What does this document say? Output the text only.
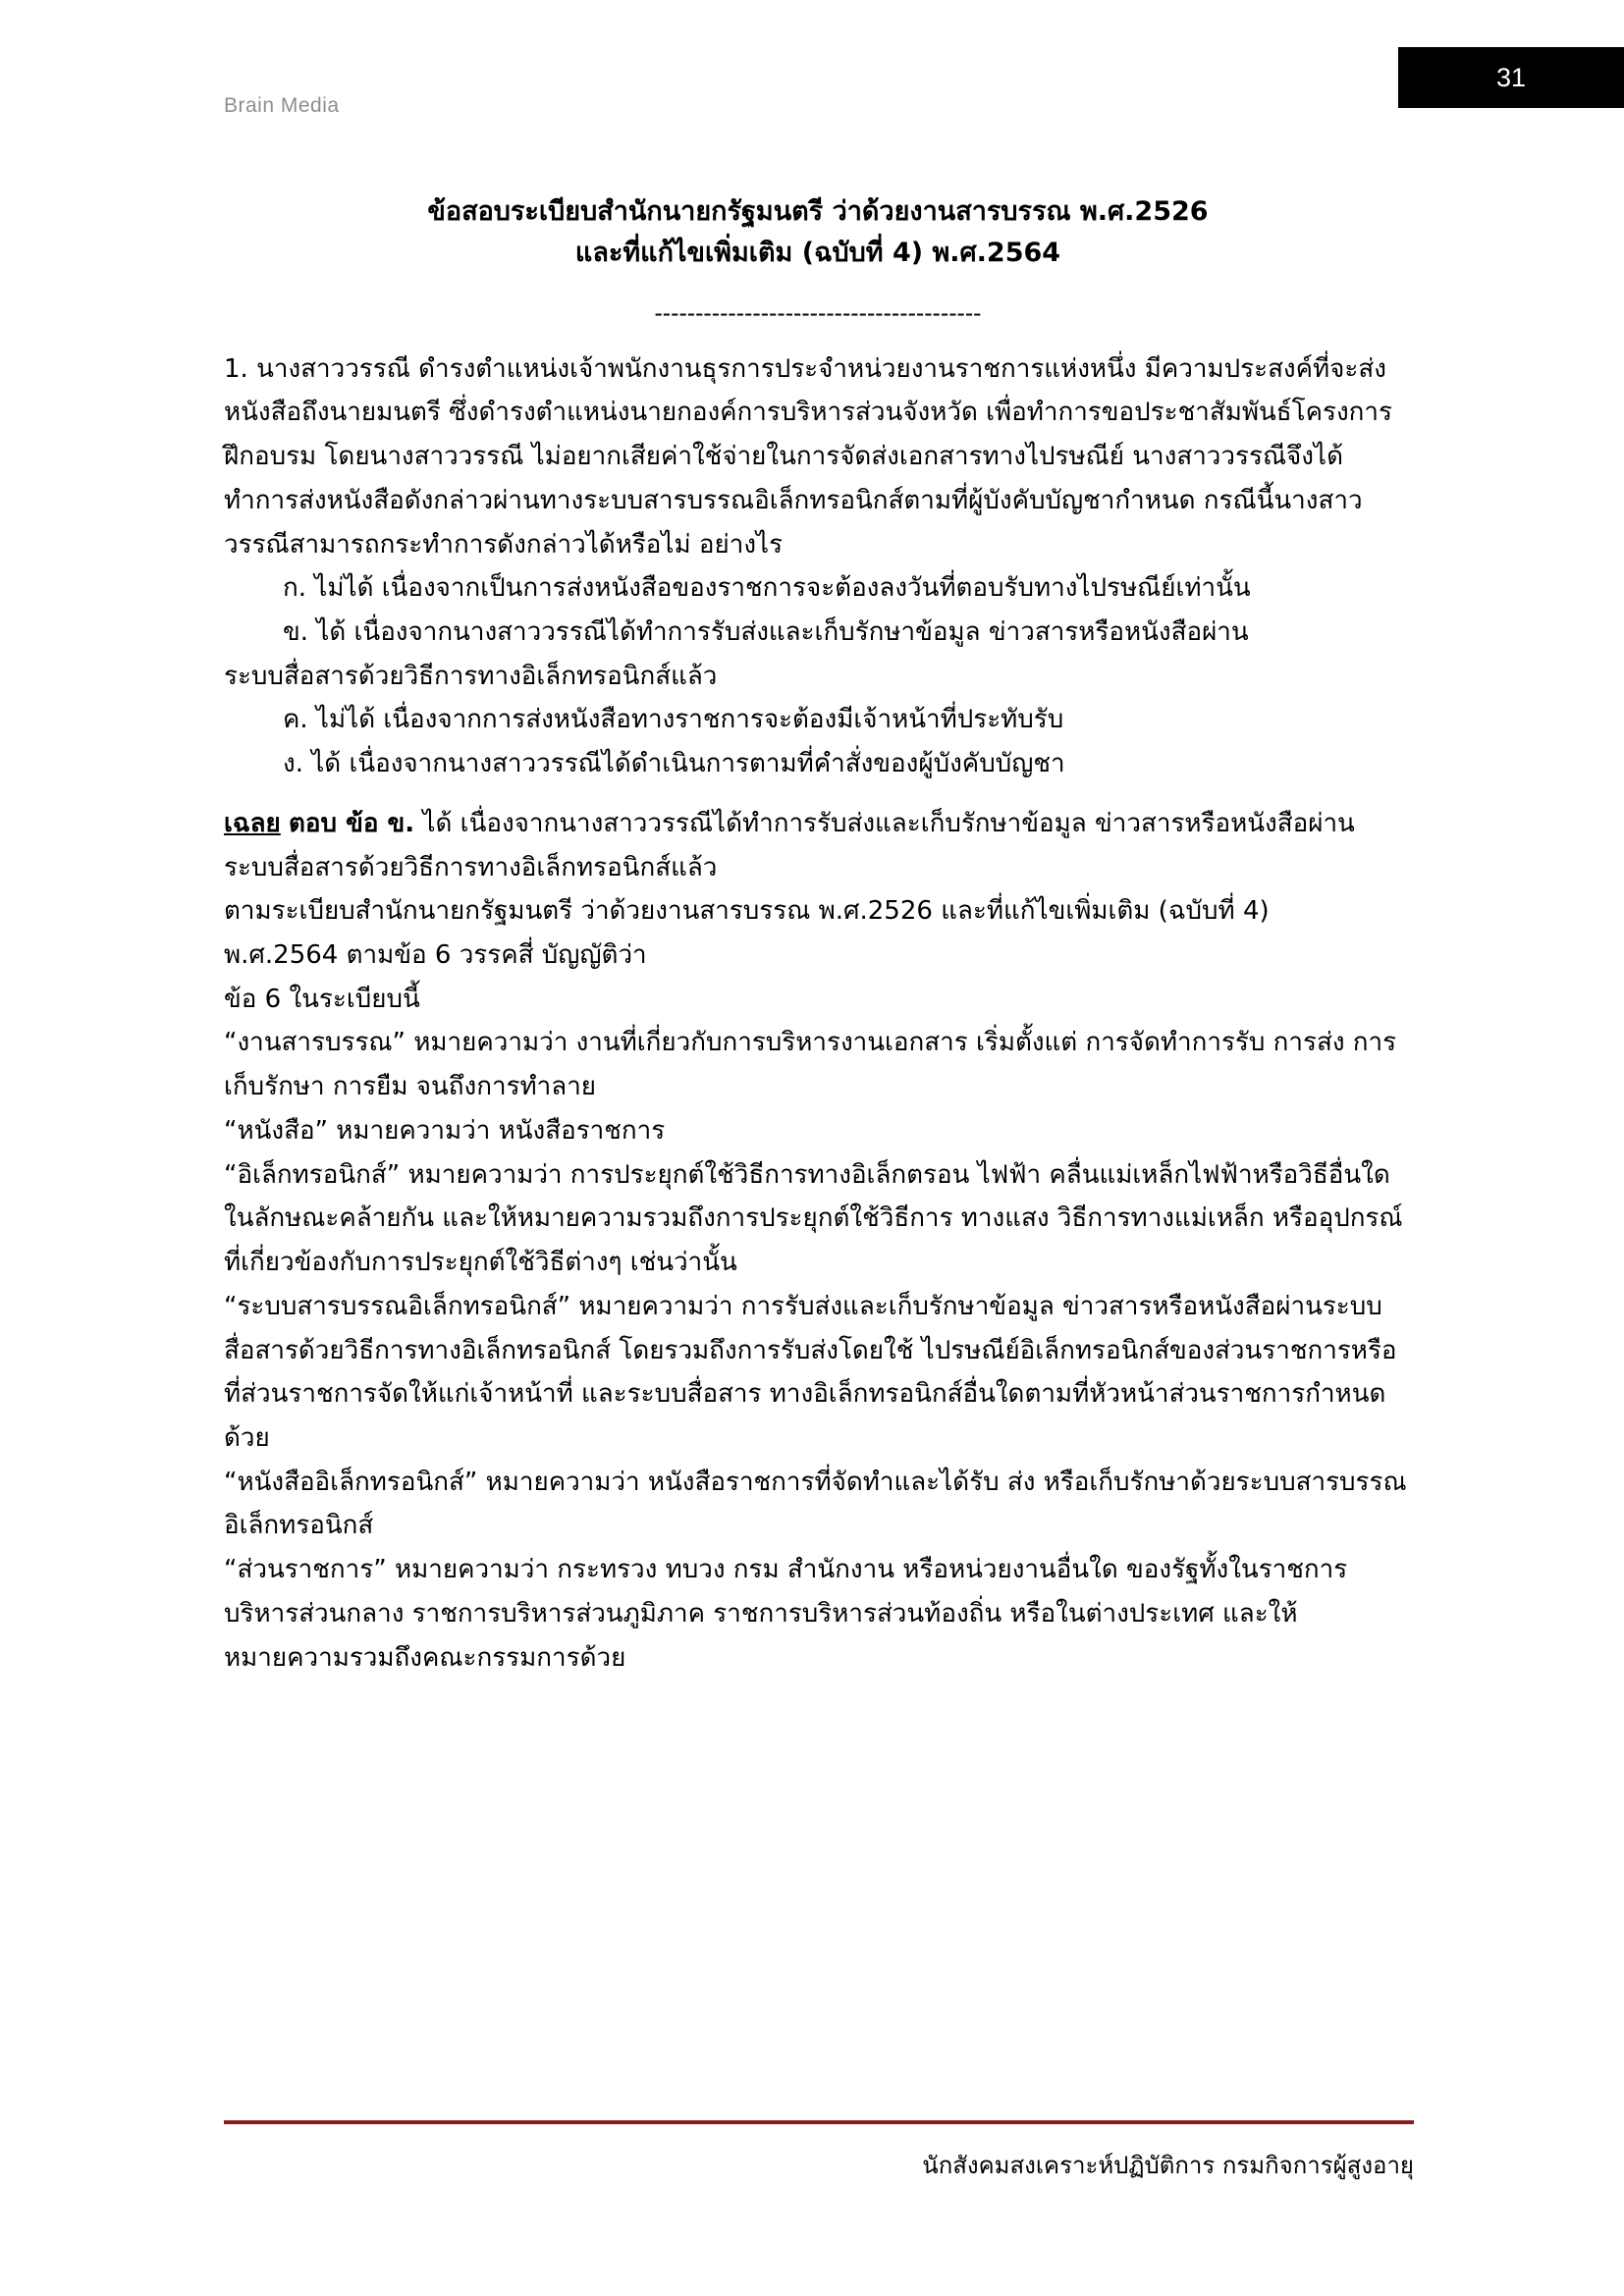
Brain Media
31
ข้อสอบระเบียบสำนักนายกรัฐมนตรี ว่าด้วยงานสารบรรณ พ.ศ.2526
และที่แก้ไขเพิ่มเติม (ฉบับที่ 4) พ.ศ.2564
----------------------------------------

1. นางสาววรรณี ดำรงตำแหน่งเจ้าพนักงานธุรการประจำหน่วยงานราชการแห่งหนึ่ง มีความประสงค์ที่จะส่งหนังสือถึงนายมนตรี ซึ่งดำรงตำแหน่งนายกองค์การบริหารส่วนจังหวัด เพื่อทำการขอประชาสัมพันธ์โครงการฝึกอบรม โดยนางสาววรรณี ไม่อยากเสียค่าใช้จ่ายในการจัดส่งเอกสารทางไปรษณีย์ นางสาววรรณีจึงได้ทำการส่งหนังสือดังกล่าวผ่านทางระบบสารบรรณอิเล็กทรอนิกส์ตามที่ผู้บังคับบัญชากำหนด กรณีนี้นางสาววรรณีสามารถกระทำการดังกล่าวได้หรือไม่ อย่างไร

ก. ไม่ได้ เนื่องจากเป็นการส่งหนังสือของราชการจะต้องลงวันที่ตอบรับทางไปรษณีย์เท่านั้น

ข. ได้ เนื่องจากนางสาววรรณีได้ทำการรับส่งและเก็บรักษาข้อมูล ข่าวสารหรือหนังสือผ่าน

ระบบสื่อสารด้วยวิธีการทางอิเล็กทรอนิกส์แล้ว

ค. ไม่ได้ เนื่องจากการส่งหนังสือทางราชการจะต้องมีเจ้าหน้าที่ประทับรับ

ง. ได้ เนื่องจากนางสาววรรณีได้ดำเนินการตามที่คำสั่งของผู้บังคับบัญชา

เฉลย ตอบ ข้อ ข. ได้ เนื่องจากนางสาววรรณีได้ทำการรับส่งและเก็บรักษาข้อมูล ข่าวสารหรือหนังสือผ่านระบบสื่อสารด้วยวิธีการทางอิเล็กทรอนิกส์แล้ว

ตามระเบียบสำนักนายกรัฐมนตรี ว่าด้วยงานสารบรรณ พ.ศ.2526 และที่แก้ไขเพิ่มเติม (ฉบับที่ 4)

พ.ศ.2564 ตามข้อ 6 วรรคสี่ บัญญัติว่า

ข้อ 6 ในระเบียบนี้

“งานสารบรรณ” หมายความว่า งานที่เกี่ยวกับการบริหารงานเอกสาร เริ่มตั้งแต่ การจัดทำการรับ การส่ง การเก็บรักษา การยืม จนถึงการทำลาย

“หนังสือ” หมายความว่า หนังสือราชการ

“อิเล็กทรอนิกส์” หมายความว่า การประยุกต์ใช้วิธีการทางอิเล็กตรอน ไฟฟ้า คลื่นแม่เหล็กไฟฟ้าหรือวิธีอื่นใดในลักษณะคล้ายกัน และให้หมายความรวมถึงการประยุกต์ใช้วิธีการ ทางแสง วิธีการทางแม่เหล็ก หรืออุปกรณ์ที่เกี่ยวข้องกับการประยุกต์ใช้วิธีต่างๆ เช่นว่านั้น

“ระบบสารบรรณอิเล็กทรอนิกส์” หมายความว่า การรับส่งและเก็บรักษาข้อมูล ข่าวสารหรือหนังสือผ่านระบบสื่อสารด้วยวิธีการทางอิเล็กทรอนิกส์ โดยรวมถึงการรับส่งโดยใช้ ไปรษณีย์อิเล็กทรอนิกส์ของส่วนราชการหรือที่ส่วนราชการจัดให้แก่เจ้าหน้าที่ และระบบสื่อสาร ทางอิเล็กทรอนิกส์อื่นใดตามที่หัวหน้าส่วนราชการกำหนดด้วย

“หนังสืออิเล็กทรอนิกส์” หมายความว่า หนังสือราชการที่จัดทำและได้รับ ส่ง หรือเก็บรักษาด้วยระบบสารบรรณอิเล็กทรอนิกส์

“ส่วนราชการ” หมายความว่า กระทรวง ทบวง กรม สำนักงาน หรือหน่วยงานอื่นใด ของรัฐทั้งในราชการบริหารส่วนกลาง ราชการบริหารส่วนภูมิภาค ราชการบริหารส่วนท้องถิ่น หรือในต่างประเทศ และให้หมายความรวมถึงคณะกรรมการด้วย

นักสังคมสงเคราะห์ปฏิบัติการ กรมกิจการผู้สูงอายุ
